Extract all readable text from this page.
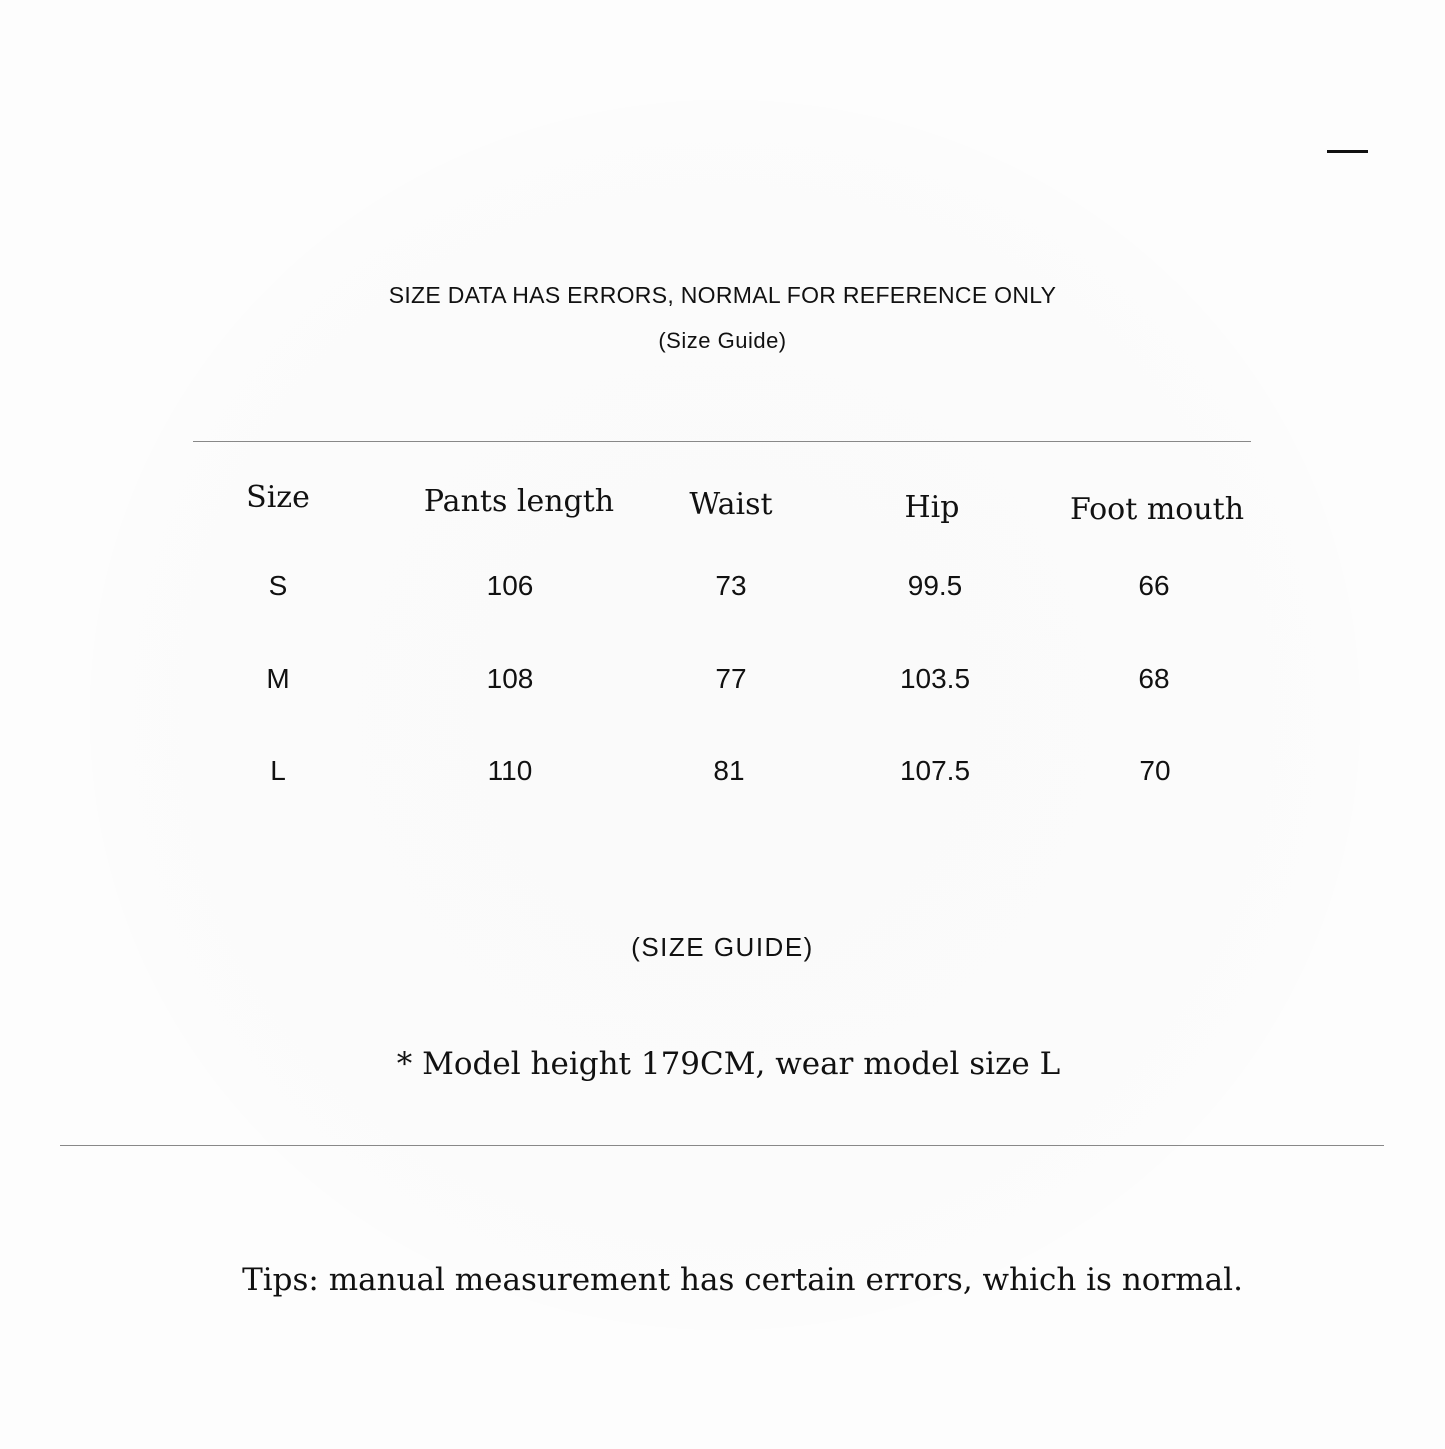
SIZE DATA HAS ERRORS, NORMAL FOR REFERENCE ONLY
(Size Guide)
Size	Pants length	Waist	Hip	Foot mouth
S	106	73	99.5	66
M	108	77	103.5	68
L	110	81	107.5	70
(SIZE GUIDE)
* Model height 179CM, wear model size L
Tips: manual measurement has certain errors, which is normal.
